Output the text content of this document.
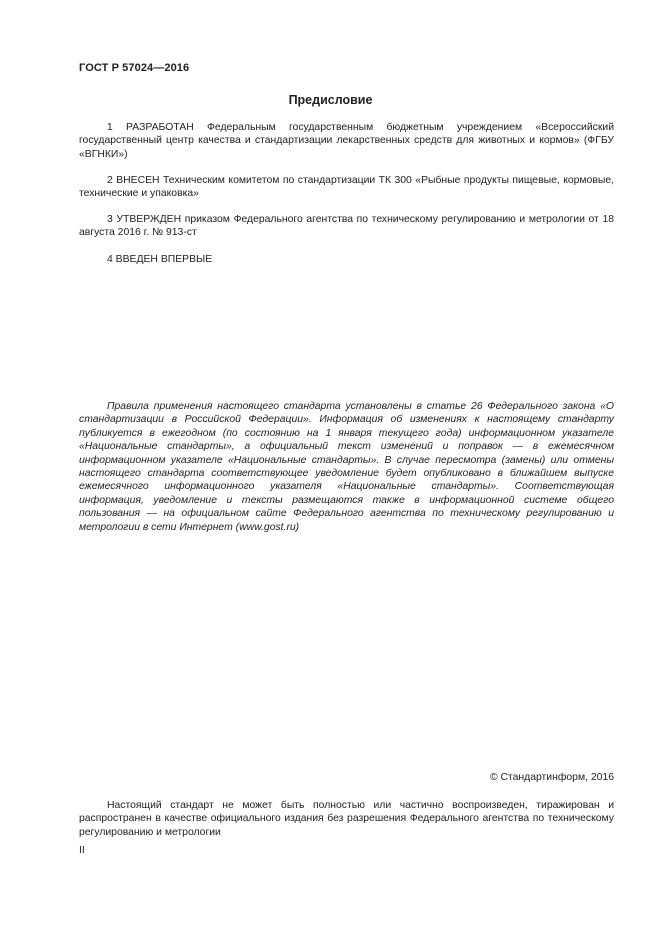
ГОСТ Р 57024—2016
Предисловие
1 РАЗРАБОТАН Федеральным государственным бюджетным учреждением «Всероссийский государственный центр качества и стандартизации лекарственных средств для животных и кормов» (ФГБУ «ВГНКИ»)
2 ВНЕСЕН Техническим комитетом по стандартизации ТК 300 «Рыбные продукты пищевые, кормовые, технические и упаковка»
3 УТВЕРЖДЕН приказом Федерального агентства по техническому регулированию и метрологии от 18 августа 2016 г. № 913-ст
4 ВВЕДЕН ВПЕРВЫЕ
Правила применения настоящего стандарта установлены в статье 26 Федерального закона «О стандартизации в Российской Федерации». Информация об изменениях к настоящему стандарту публикуется в ежегодном (по состоянию на 1 января текущего года) информационном указателе «Национальные стандарты», а официальный текст изменений и поправок — в ежемесячном информационном указателе «Национальные стандарты». В случае пересмотра (замены) или отмены настоящего стандарта соответствующее уведомление будет опубликовано в ближайшем выпуске ежемесячного информационного указателя «Национальные стандарты». Соответствующая информация, уведомление и тексты размещаются также в информационной системе общего пользования — на официальном сайте Федерального агентства по техническому регулированию и метрологии в сети Интернет (www.gost.ru)
© Стандартинформ, 2016
Настоящий стандарт не может быть полностью или частично воспроизведен, тиражирован и распространен в качестве официального издания без разрешения Федерального агентства по техническому регулированию и метрологии
II
